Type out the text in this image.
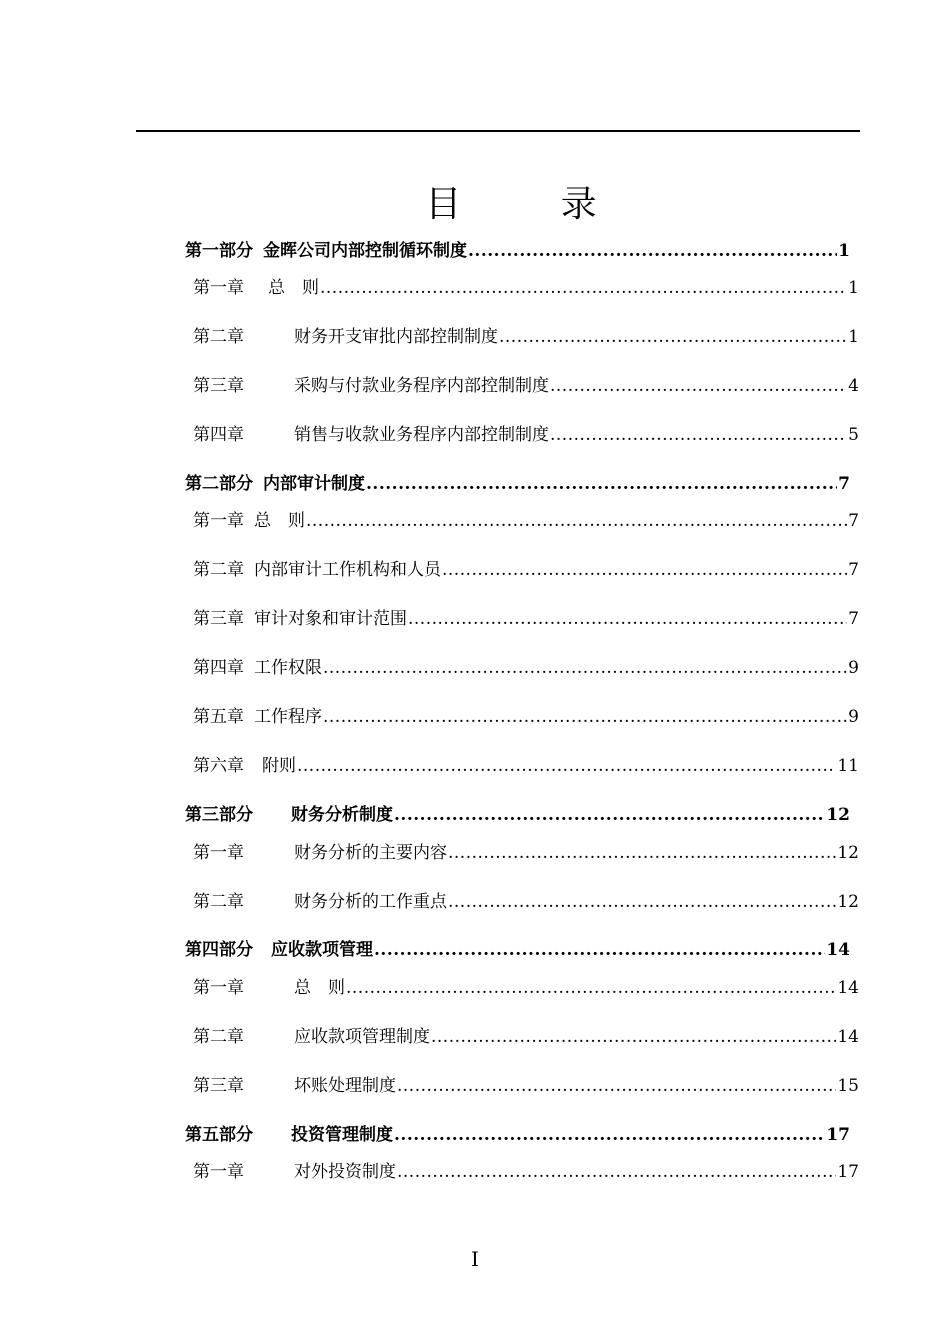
目 录
第一部分 金晖公司内部控制循环制度 .....	1
第一章 总　则 .....	1
第二章	财务开支审批内部控制制度 .....	1
第三章	采购与付款业务程序内部控制制度 .....	4
第四章	销售与收款业务程序内部控制制度 .....	5
第二部分 内部审计制度 .....	7
第一章 总　则 .....	7
第二章 内部审计工作机构和人员 .....	7
第三章 审计对象和审计范围 .....	7
第四章 工作权限 .....	9
第五章 工作程序 .....	9
第六章 附则 .....	11
第三部分 财务分析制度 .....	12
第一章	财务分析的主要内容 .....	12
第二章	财务分析的工作重点 .....	12
第四部分 应收款项管理 .....	14
第一章	总　则 .....	14
第二章	应收款项管理制度 .....	14
第三章	坏账处理制度 .....	15
第五部分 投资管理制度 .....	17
第一章	对外投资制度 .....	17
I
